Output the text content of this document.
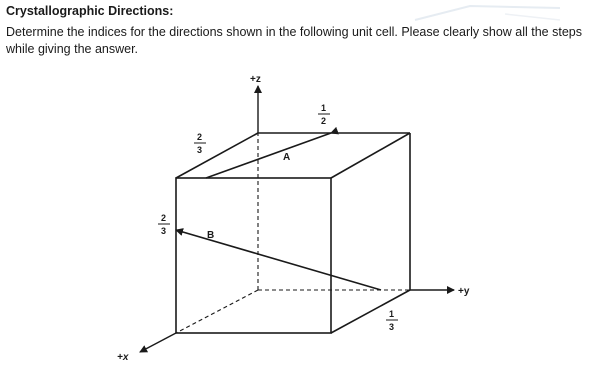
Crystallographic Directions:
Determine the indices for the directions shown in the following unit cell. Please clearly show all the steps while giving the answer.
+z
+y
+x
A
B
1
2
2
3
2
3
1
3
